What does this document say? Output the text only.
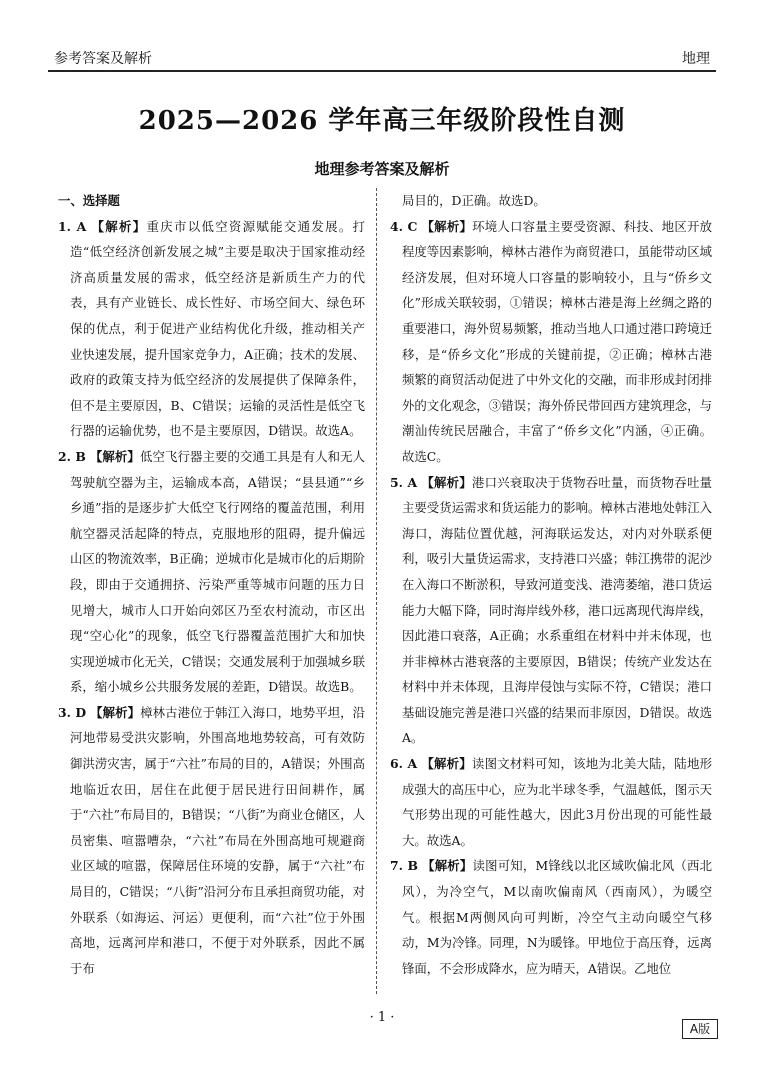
参考答案及解析	地理
2025—2026 学年高三年级阶段性自测
地理参考答案及解析
一、选择题

1. A 【解析】重庆市以低空资源赋能交通发展。打造“低空经济创新发展之城”主要是取决于国家推动经济高质量发展的需求，低空经济是新质生产力的代表，具有产业链长、成长性好、市场空间大、绿色环保的优点，利于促进产业结构优化升级，推动相关产业快速发展，提升国家竞争力，A正确；技术的发展、政府的政策支持为低空经济的发展提供了保障条件，但不是主要原因，B、C错误；运输的灵活性是低空飞行器的运输优势，也不是主要原因，D错误。故选A。

2. B 【解析】低空飞行器主要的交通工具是有人和无人驾驶航空器为主，运输成本高，A错误；“县县通”“乡乡通”指的是逐步扩大低空飞行网络的覆盖范围，利用航空器灵活起降的特点，克服地形的阻碍，提升偏远山区的物流效率，B正确；逆城市化是城市化的后期阶段，即由于交通拥挤、污染严重等城市问题的压力日见增大，城市人口开始向郊区乃至农村流动，市区出现“空心化”的现象，低空飞行器覆盖范围扩大和加快实现逆城市化无关，C错误；交通发展利于加强城乡联系，缩小城乡公共服务发展的差距，D错误。故选B。

3. D 【解析】樟林古港位于韩江入海口，地势平坦，沿河地带易受洪灾影响，外围高地地势较高，可有效防御洪涝灾害，属于“六社”布局的目的，A错误；外围高地临近农田，居住在此便于居民进行田间耕作，属于“六社”布局目的，B错误；“八街”为商业仓储区，人员密集、喧嚣嘈杂，“六社”布局在外围高地可规避商业区域的喧嚣，保障居住环境的安静，属于“六社”布局目的，C错误；“八街”沿河分布且承担商贸功能，对外联系（如海运、河运）更便利，而“六社”位于外围高地，远离河岸和港口，不便于对外联系，因此不属于布

局目的，D正确。故选D。

4. C 【解析】环境人口容量主要受资源、科技、地区开放程度等因素影响，樟林古港作为商贸港口，虽能带动区域经济发展，但对环境人口容量的影响较小，且与“侨乡文化”形成关联较弱，①错误；樟林古港是海上丝绸之路的重要港口，海外贸易频繁，推动当地人口通过港口跨境迁移，是“侨乡文化”形成的关键前提，②正确；樟林古港频繁的商贸活动促进了中外文化的交融，而非形成封闭排外的文化观念，③错误；海外侨民带回西方建筑理念，与潮汕传统民居融合，丰富了“侨乡文化”内涵，④正确。故选C。

5. A 【解析】港口兴衰取决于货物吞吐量，而货物吞吐量主要受货运需求和货运能力的影响。樟林古港地处韩江入海口，海陆位置优越，河海联运发达，对内对外联系便利，吸引大量货运需求，支持港口兴盛；韩江携带的泥沙在入海口不断淤积，导致河道变浅、港湾萎缩，港口货运能力大幅下降，同时海岸线外移，港口远离现代海岸线，因此港口衰落，A正确；水系重组在材料中并未体现，也并非樟林古港衰落的主要原因，B错误；传统产业发达在材料中并未体现，且海岸侵蚀与实际不符，C错误；港口基础设施完善是港口兴盛的结果而非原因，D错误。故选A。

6. A 【解析】读图文材料可知，该地为北美大陆，陆地形成强大的高压中心，应为北半球冬季，气温越低，图示天气形势出现的可能性越大，因此3月份出现的可能性最大。故选A。

7. B 【解析】读图可知，M锋线以北区域吹偏北风（西北风），为冷空气，M以南吹偏南风（西南风），为暖空气。根据M两侧风向可判断，冷空气主动向暖空气移动，M为冷锋。同理，N为暖锋。甲地位于高压脊，远离锋面，不会形成降水，应为晴天，A错误。乙地位

· 1 ·
A版
